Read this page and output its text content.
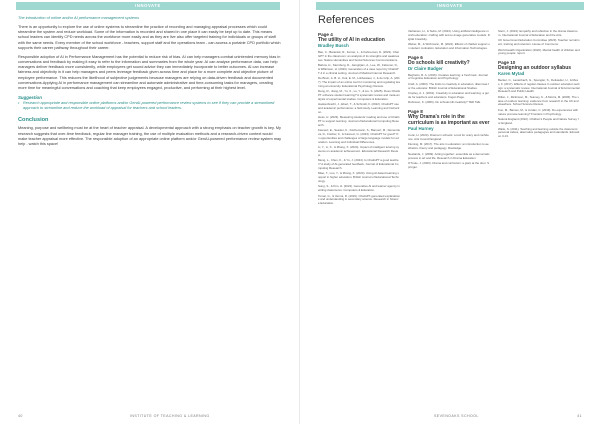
INNOVATE

The introduction of online and/or AI performance management systems

There is an opportunity to explore the use of online systems to streamline the practice of recording and managing appraisal processes which could streamline the system and reduce workload. Some of the information is recorded and shared in one place it can easily be kept up to date. This means school leaders can identify CPD needs across the workforce more easily and as they are live also offer targeted training for individuals or groups of staff with the same needs. Every member of the school workforce - teachers, support staff and the operations team - can access a portable CPD portfolio which supports their career pathway throughout their career.

Responsible adoption of AI in Performance Management has the potential to reduce risk of bias. AI can help managers combat unintended memory bias in conversations and feedback by making it easy to refer to the information and summaries from the whole year. AI can analyse performance data, can help managers deliver feedback more consistently, while employees get sound advice they can immediately incorporate to better outcomes. AI can increase fairness and objectivity in it can help managers and peers leverage feedback given across time and place for a more complete and objective picture of employee performance. This reduces the likelihood of subjective judgements because managers are relying on data-driven feedback and documented conversations.Applying AI in performance management can streamline and automate administrative and time-consuming tasks for managers, creating more time for meaningful conversations and coaching that keep employees engaged, productive, and performing at their highest level.

Suggestion
• Research appropriate and responsible online platforms and/or GenAI-powered performance review systems to see if they can provide a streamlined approach to streamline and reduce the workload of appraisal for teachers and school leaders.
Conclusion

Meaning, purpose and wellbeing must be at the heart of teacher appraisal. A developmental approach with a strong emphasis on teacher growth is key. My research suggests that over-time feedback, regular line manager training, the use of multiple evaluation methods and a research-driven context would make teacher appraisal more effective. The responsible adoption of an appropriate online platform and/or GenAI-powered performance review system may help - watch this space!

40	INSTITUTE OF TEACHING & LEARNING
INNOVATE
References
Page 4
The utility of AI in education
Bradley Busch
Bao, C., Baraniuk, R., Ferrier, L., & Kahneman, D. (2023). ChatGPT in the classroom: an analysis of its strengths and weaknesses. Nature Humanities and Social Sciences Communications.
Barlow, H., Sternberg, D., Jamgirjian, A., Lee, W., Falconer, D., & Wilkinson, H. (2023). Generation of a case report by ChatGPT-4 in a clinical setting. Journal of Medical Internet Research.
De Bruin, A. B. H., Kok, E. M., Lobbestael, J., & de Grip, A. (2017). The impact of an online tool for monitoring and regulating learning at university. Educational Psychology Review.
Deng, R., Jiang, M., Yu, X., Lu, Y., & Liu, S. (2025). Does ChatGPT enhance student learning? A systematic review and meta-analysis of experimental studies. Computers & Education.
Hackenbracht, J., Ebert, T., & Schmidt, F. (2022). ChatGPT use and academic performance: a field study. Learning and Instruction.
Hess, H. (2023). Measuring students' reading and use of ChatGPT to support learning. Journal of Educational Computing Research.
Kasneci, E., Sessler, K., Küchemann, S., Bannert, M., Dementieva, D., Fischer, F., & Kasneci, G. (2023). ChatGPT for good? On opportunities and challenges of large language models for education. Learning and Individual Differences.
Li, Y., Li, X., & Zhang, X. (2024). Impact of intelligent tutoring systems on academic achievement. Educational Research Review.
Meng, L., Chen, K., & Yu, J. (2024). Is ChatGPT a good teacher? A study of AI-generated feedback. Journal of Educational Computing Research.
Miao, T., Luo, Y., & Zhang, X. (2024). Using AI-based learning support in higher education. British Journal of Educational Technology.
Sung, S., & Kim, H. (2024). Generative AI and learner agency in writing classrooms. Computers & Education.
Tomar, G., & Verma, R. (2023). ChatGPT-generated explanations and understanding in secondary science. Research in Science Education.
Vartiainen, H., & Tedre, M. (2023). Using artificial intelligence in craft education: crafting with text-to-image generative models. Digital Creativity.
Weber, M., & Wichmann, M. (2024). Effects of chatbot support on student motivation. Education and Information Technologies.
Page 6
Do schools kill creativity?
Dr Claire Badger
Beghetto, R. A. (2016). Creative learning: a fresh look. Journal of Cognitive Education and Psychology.
Craft, A. (2003). The limits to creativity in education: dilemmas for the educator. British Journal of Educational Studies.
Cropley, A. J. (2001). Creativity in education and learning: a guide for teachers and educators. Kogan Page.
Robinson, K. (2006). Do schools kill creativity? TED Talk.
Page 8
Why Drama's role in the curriculum is as important as ever
Paul Hurney
Cook, H. (2024). Drama in schools: a tool for oracy and confidence. Arts Council England.
Fleming, M. (2017). The arts in education: an introduction to aesthetics, theory and pedagogy. Routledge.
Neelands, J. (2009). Acting together: ensemble as a democratic process in art and life. Research in Drama Education.
O'Toole, J. (2020). Drama and curriculum: a giant at the door. Springer.
Stern, J. (2024). Empathy and reflection in the drama classroom. International Journal of Education and the Arts.
UK Government Education Committee (2023). Teacher recruitment, training and retention. House of Commons.
World Health Organization (2022). Mental health of children and young people: report.
Page 10
Designing an outdoor syllabus
Karen Mytad
Becker, C., Lauterbach, G., Spengler, S., Dettweiler, U., & Mess, F. (2017). Effects of regular classes in outdoor education settings: a systematic review. International Journal of Environmental Research and Public Health.
Dillon, J., Rickinson, M., Teamey, K., & Morris, M. (2006). The value of outdoor learning: evidence from research in the UK and elsewhere. School Science Review.
Kuo, M., Barnes, M., & Jordan, C. (2019). Do experiences with nature promote learning? Frontiers in Psychology.
Natural England (2022). Children's People and Nature Survey for England.
Waite, S. (2011). Teaching and learning outside the classroom: personal values, alternative pedagogies and standards. Education 3-13.
SEVENOAKS SCHOOL	41
